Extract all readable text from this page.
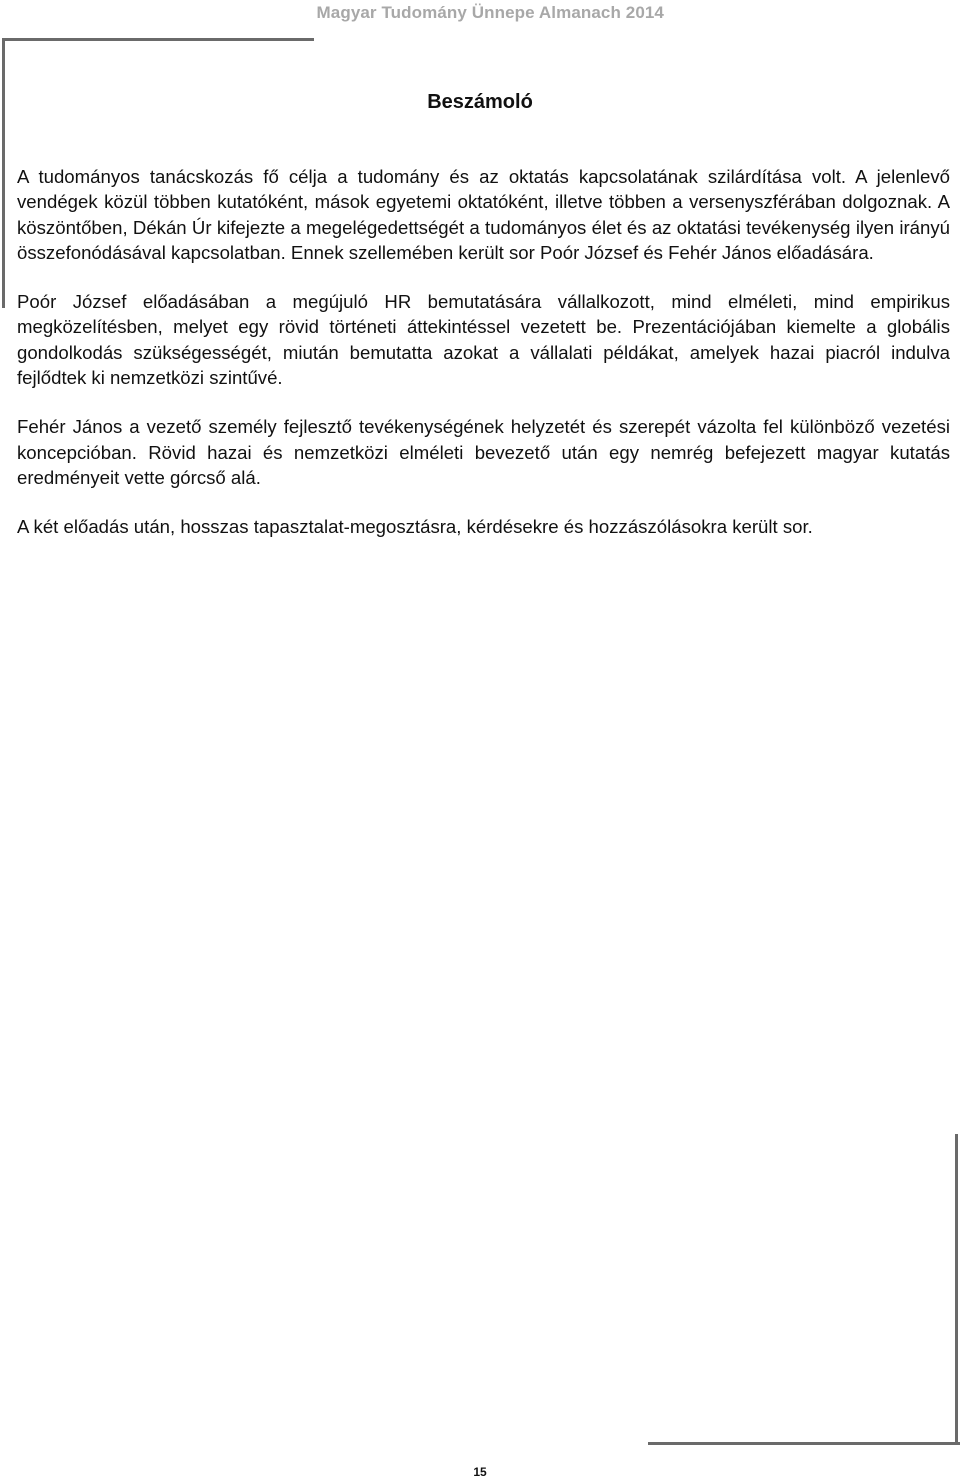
Magyar Tudomány Ünnepe Almanach 2014
Beszámoló

A tudományos tanácskozás fő célja a tudomány és az oktatás kapcsolatának szilárdítása volt. A jelenlevő vendégek közül többen kutatóként, mások egyetemi oktatóként, illetve többen a versenyszférában dolgoznak. A köszöntőben, Dékán Úr kifejezte a megelégedettségét a tudományos élet és az oktatási tevékenység ilyen irányú összefonódásával kapcsolatban. Ennek szellemében került sor Poór József és Fehér János előadására.

Poór József előadásában a megújuló HR bemutatására vállalkozott, mind elméleti, mind empirikus megközelítésben, melyet egy rövid történeti áttekintéssel vezetett be. Prezentációjában kiemelte a globális gondolkodás szükségességét, miután bemutatta azokat a vállalati példákat, amelyek hazai piacról indulva fejlődtek ki nemzetközi szintűvé.

Fehér János a vezető személy fejlesztő tevékenységének helyzetét és szerepét vázolta fel különböző vezetési koncepcióban. Rövid hazai és nemzetközi elméleti bevezető után egy nemrég befejezett magyar kutatás eredményeit vette górcső alá.

A két előadás után, hosszas tapasztalat-megosztásra, kérdésekre és hozzászólásokra került sor.

15
